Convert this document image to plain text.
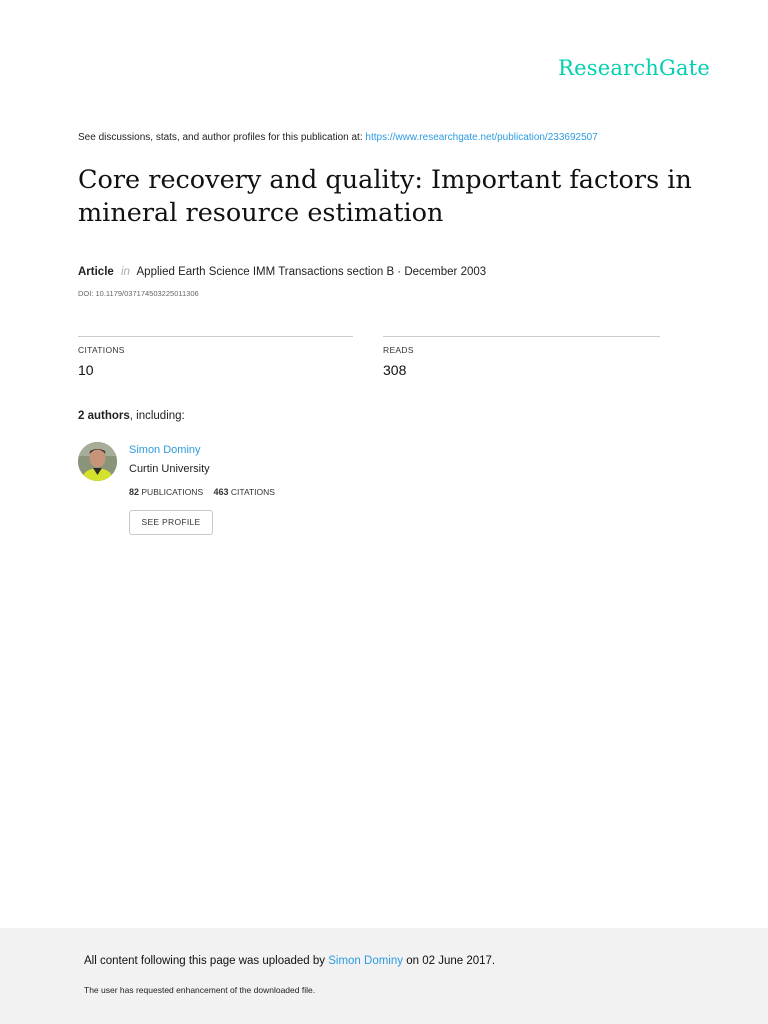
ResearchGate
See discussions, stats, and author profiles for this publication at: https://www.researchgate.net/publication/233692507
Core recovery and quality: Important factors in mineral resource estimation
Article in Applied Earth Science IMM Transactions section B · December 2003
DOI: 10.1179/037174503225011306
CITATIONS
10
READS
308
2 authors, including:
Simon Dominy
Curtin University
82 PUBLICATIONS 463 CITATIONS
SEE PROFILE
All content following this page was uploaded by Simon Dominy on 02 June 2017.
The user has requested enhancement of the downloaded file.
